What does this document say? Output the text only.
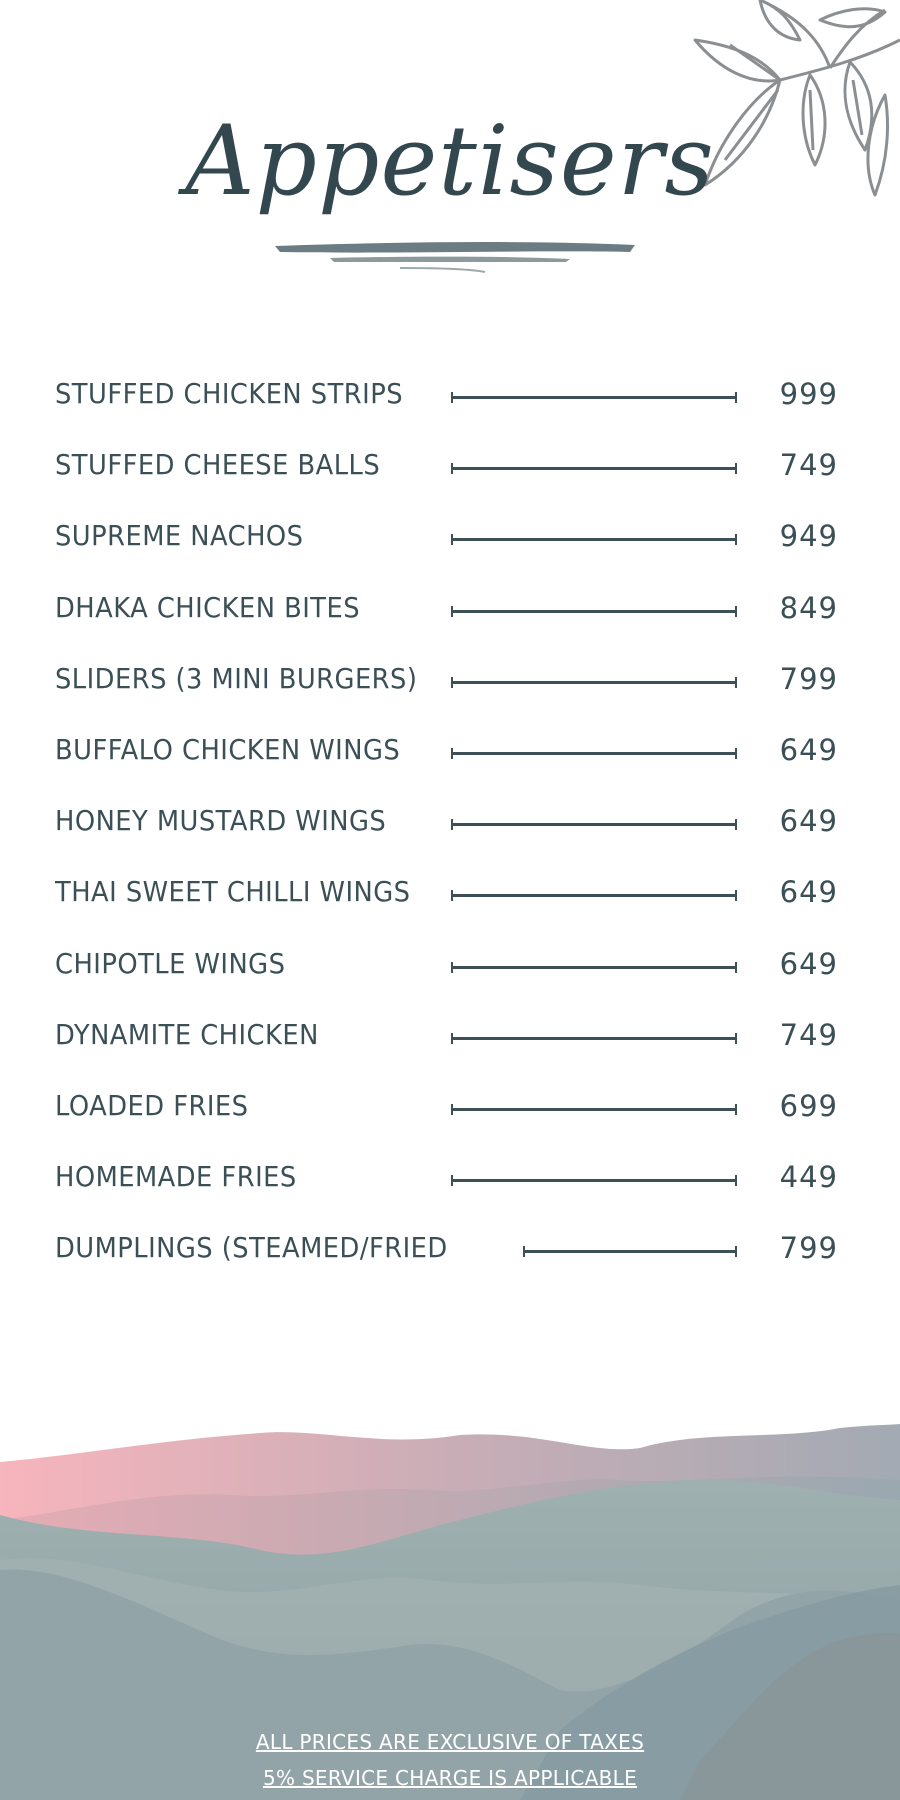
Appetisers
STUFFED CHICKEN STRIPS	999
STUFFED CHEESE BALLS	749
SUPREME NACHOS	949
DHAKA CHICKEN BITES	849
SLIDERS (3 MINI BURGERS)	799
BUFFALO CHICKEN WINGS	649
HONEY MUSTARD WINGS	649
THAI SWEET CHILLI WINGS	649
CHIPOTLE WINGS	649
DYNAMITE CHICKEN	749
LOADED FRIES	699
HOMEMADE FRIES	449
DUMPLINGS (STEAMED/FRIED	799
ALL PRICES ARE EXCLUSIVE OF TAXES
5% SERVICE CHARGE IS APPLICABLE
